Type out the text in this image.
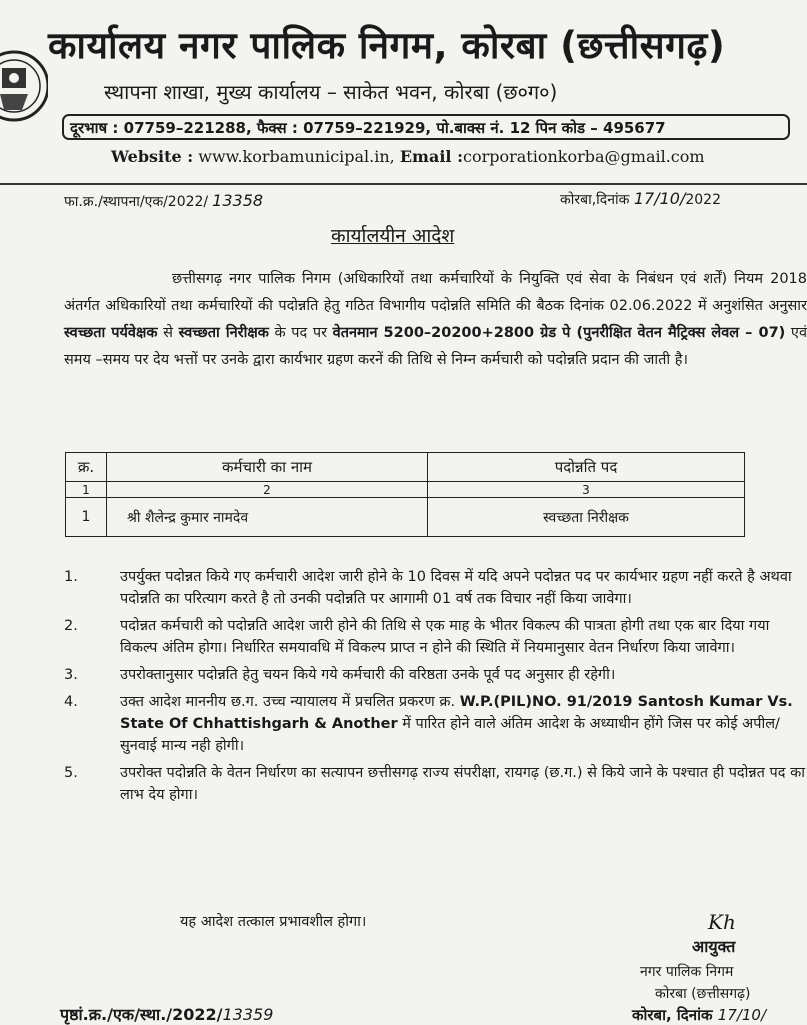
कार्यालय नगर पालिक निगम, कोरबा (छत्तीसगढ़)
स्थापना शाखा, मुख्य कार्यालय – साकेत भवन, कोरबा (छ०ग०)
दूरभाष : 07759–221288, फैक्स : 07759–221929, पो.बाक्स नं. 12 पिन कोड – 495677
Website : www.korbamunicipal.in, Email :corporationkorba@gmail.com
फा.क्र./स्थापना/एक/2022/ 13358	कोरबा,दिनांक 17/10/2022
कार्यालयीन आदेश
छत्तीसगढ़ नगर पालिक निगम (अधिकारियों तथा कर्मचारियों के नियुक्ति एवं सेवा के निबंधन एवं शर्तें) नियम 2018 अंतर्गत अधिकारियों तथा कर्मचारियों की पदोन्नति हेतु गठित विभागीय पदोन्नति समिति की बैठक दिनांक 02.06.2022 में अनुशंसित अनुसार स्वच्छता पर्यवेक्षक से स्वच्छता निरीक्षक के पद पर वेतनमान 5200–20200+2800 ग्रेड पे (पुनरीक्षित वेतन मैट्रिक्स लेवल – 07) एवं समय –समय पर देय भत्तों पर उनके द्वारा कार्यभार ग्रहण करनें की तिथि से निम्न कर्मचारी को पदोन्नति प्रदान की जाती है।
क्र.	कर्मचारी का नाम	पदोन्नति पद
1	2	3
1	श्री शैलेन्द्र कुमार नामदेव	स्वच्छता निरीक्षक
1.	उपर्युक्त पदोन्नत किये गए कर्मचारी आदेश जारी होने के 10 दिवस में यदि अपने पदोन्नत पद पर कार्यभार ग्रहण नहीं करते है अथवा पदोन्नति का परित्याग करते है तो उनकी पदोन्नति पर आगामी 01 वर्ष तक विचार नहीं किया जावेगा।
2.	पदोन्नत कर्मचारी को पदोन्नति आदेश जारी होने की तिथि से एक माह के भीतर विकल्प की पात्रता होगी तथा एक बार दिया गया विकल्प अंतिम होगा। निर्धारित समयावधि में विकल्प प्राप्त न होने की स्थिति में नियमानुसार वेतन निर्धारण किया जावेगा।
3.	उपरोक्तानुसार पदोन्नति हेतु चयन किये गये कर्मचारी की वरिष्ठता उनके पूर्व पद अनुसार ही रहेगी।
4.	उक्त आदेश माननीय छ.ग. उच्च न्यायालय में प्रचलित प्रकरण क्र. W.P.(PIL)NO. 91/2019 Santosh Kumar Vs. State Of Chhattishgarh & Another में पारित होने वाले अंतिम आदेश के अध्याधीन होंगे जिस पर कोई अपील/सुनवाई मान्य नही होगी।
5.	उपरोक्त पदोन्नति के वेतन निर्धारण का सत्यापन छत्तीसगढ़ राज्य संपरीक्षा, रायगढ़ (छ.ग.) से किये जाने के पश्चात ही पदोन्नत पद का लाभ देय होगा।
यह आदेश तत्काल प्रभावशील होगा।	Kh
आयुक्त
नगर पालिक निगम
कोरबा (छत्तीसगढ़)
पृष्ठां.क्र./एक/स्था./2022/13359	कोरबा, दिनांक 17/10/
